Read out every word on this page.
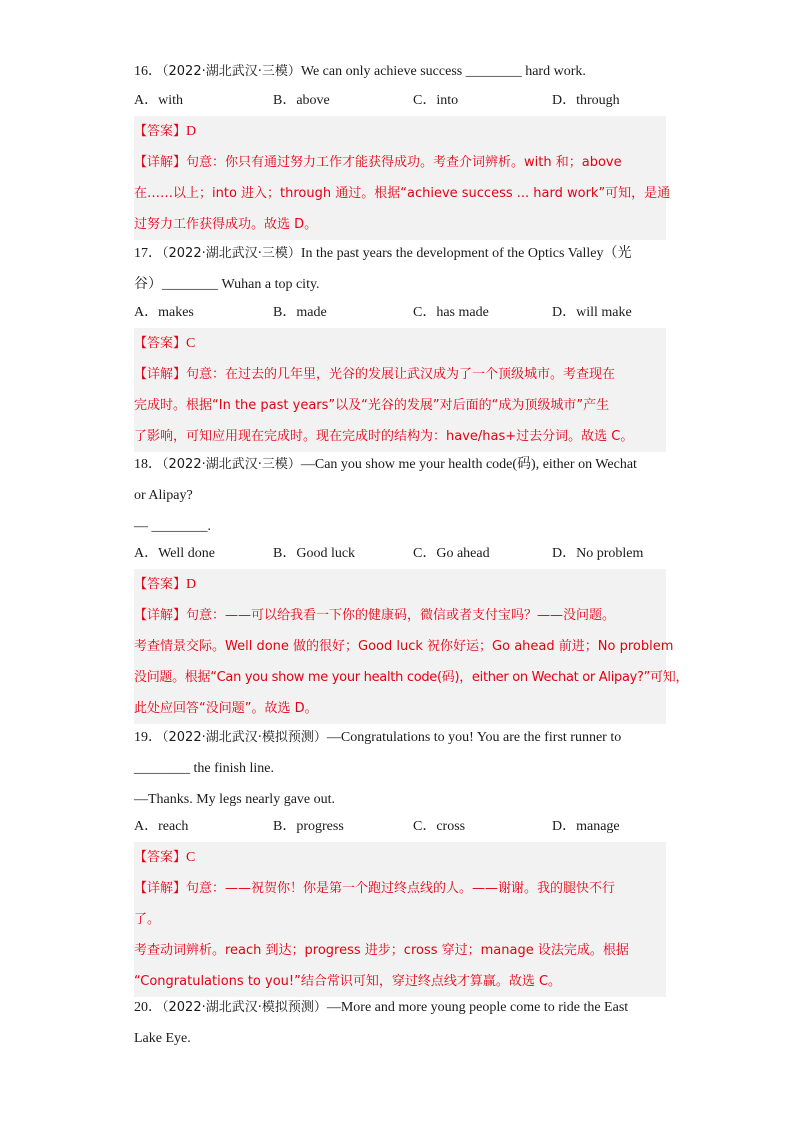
16．（2022·湖北武汉·三模）We can only achieve success ________ hard work.
A．with	B．above	C．into	D．through
【答案】D
【详解】句意：你只有通过努力工作才能获得成功。考查介词辨析。with 和；above
在……以上；into 进入；through 通过。根据“achieve success ... hard work”可知，是通
过努力工作获得成功。故选 D。
17．（2022·湖北武汉·三模）In the past years the development of the Optics Valley（光
谷）________ Wuhan a top city.
A．makes	B．made	C．has made	D．will make
【答案】C
【详解】句意：在过去的几年里，光谷的发展让武汉成为了一个顶级城市。考查现在
完成时。根据“In the past years”以及“光谷的发展”对后面的“成为顶级城市”产生
了影响，可知应用现在完成时。现在完成时的结构为：have/has+过去分词。故选 C。
18．（2022·湖北武汉·三模）—Can you show me your health code(码), either on Wechat
or Alipay?
— ________.
A．Well done	B．Good luck	C．Go ahead	D．No problem
【答案】D
【详解】句意：——可以给我看一下你的健康码，微信或者支付宝吗？——没问题。
考查情景交际。Well done 做的很好；Good luck 祝你好运；Go ahead 前进；No problem
没问题。根据“Can you show me your health code(码)，either on Wechat or Alipay?”可知，
此处应回答“没问题”。故选 D。
19．（2022·湖北武汉·模拟预测）—Congratulations to you! You are the first runner to
________ the finish line.
—Thanks. My legs nearly gave out.
A．reach	B．progress	C．cross	D．manage
【答案】C
【详解】句意：——祝贺你！你是第一个跑过终点线的人。——谢谢。我的腿快不行
了。
考查动词辨析。reach 到达；progress 进步；cross 穿过；manage 设法完成。根据
“Congratulations to you!”结合常识可知，穿过终点线才算赢。故选 C。
20．（2022·湖北武汉·模拟预测）—More and more young people come to ride the East
Lake Eye.
